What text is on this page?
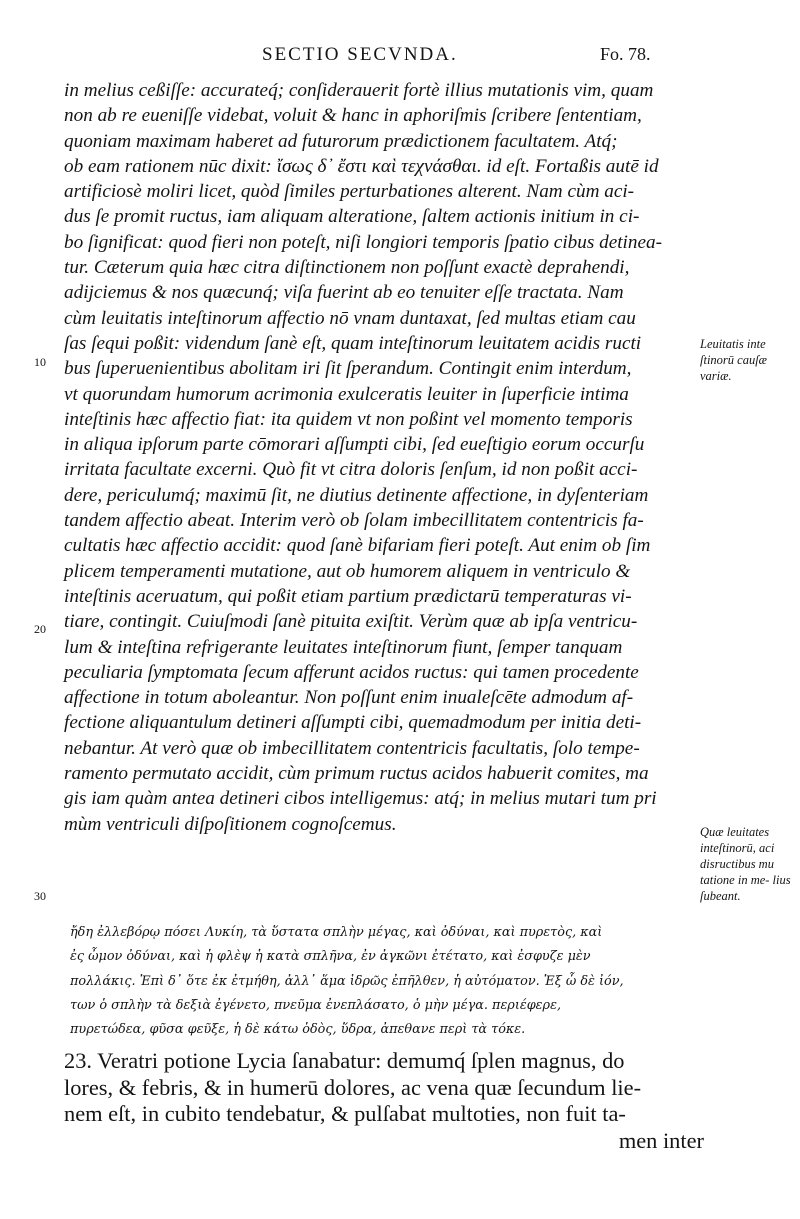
SECTIO SECVNDA.	Fo. 78.
in melius ceßiſſe: accurateq́; conſiderauerit fortè illius mutationis vim, quam
non ab re eueniſſe videbat, voluit & hanc in aphoriſmis ſcribere ſententiam,
quoniam maximam haberet ad futurorum prædictionem facultatem. Atq́;
ob eam rationem nūc dixit: ἴσως δ᾽ ἔστι καὶ τεχνάσθαι. id eſt. Fortaßis autē id
artificiosè moliri licet, quòd ſimiles perturbationes alterent. Nam cùm aci-
dus ſe promit ructus, iam aliquam alteratione, ſaltem actionis initium in ci-
bo ſignificat: quod fieri non poteſt, niſi longiori temporis ſpatio cibus detinea-
tur. Cæterum quia hæc citra diſtinctionem non poſſunt exactè deprahendi,
adijciemus & nos quæcunq́; viſa fuerint ab eo tenuiter eſſe tractata. Nam
cùm leuitatis inteſtinorum affectio nō vnam duntaxat, ſed multas etiam cau
ſas ſequi poßit: videndum ſanè eſt, quam inteſtinorum leuitatem acidis ructi
bus ſuperuenientibus abolitam iri ſit ſperandum. Contingit enim interdum,
vt quorundam humorum acrimonia exulceratis leuiter in ſuperficie intima
inteſtinis hæc affectio fiat: ita quidem vt non poßint vel momento temporis
in aliqua ipſorum parte cōmorari aſſumpti cibi, ſed eueſtigio eorum occurſu
irritata facultate excerni. Quò fit vt citra doloris ſenſum, id non poßit acci-
dere, periculumq́; maximū ſit, ne diutius detinente affectione, in dyſenteriam
tandem affectio abeat. Interim verò ob ſolam imbecillitatem contentricis fa-
cultatis hæc affectio accidit: quod ſanè bifariam fieri poteſt. Aut enim ob ſim
plicem temperamenti mutatione, aut ob humorem aliquem in ventriculo &
inteſtinis aceruatum, qui poßit etiam partium prædictarū temperaturas vi-
tiare, contingit. Cuiuſmodi ſanè pituita exiſtit. Verùm quæ ab ipſa ventricu-
lum & inteſtina refrigerante leuitates inteſtinorum fiunt, ſemper tanquam
peculiaria ſymptomata ſecum afferunt acidos ructus: qui tamen procedente
affectione in totum aboleantur. Non poſſunt enim inualeſcēte admodum af-
fectione aliquantulum detineri aſſumpti cibi, quemadmodum per initia deti-
nebantur. At verò quæ ob imbecillitatem contentricis facultatis, ſolo tempe-
ramento permutato accidit, cùm primum ructus acidos habuerit comites, ma
gis iam quàm antea detineri cibos intelligemus: atq́; in melius mutari tum pri
mùm ventriculi diſpoſitionem cognoſcemus.
10
20
30
Leuitatis inte ſtinorū cauſæ variæ.
Quæ leuitates inteſtinorū, aci disructibus mu tatione in me- lius ſubeant.
ἤδη ἐλλεβόρῳ πόσει Λυκίη, τὰ ὕστατα σπλὴν μέγας, καὶ ὀδύναι, καὶ πυρετὸς, καὶ
ἐς ὦμον ὀδύναι, καὶ ἡ φλὲψ ἡ κατὰ σπλῆνα, ἐν ἀγκῶνι ἐτέτατο, καὶ ἐσφυζε μὲν
πολλάκις. Ἐπὶ δ᾽ ὅτε ἐκ ἐτμήθη, ἀλλ᾽ ἅμα ἱδρῶς ἐπῆλθεν, ἡ αὐτόματον. Ἐξ ὧ δὲ ἰόν,
των ὁ σπλὴν τὰ δεξιὰ ἐγένετο, πνεῦμα ἐνεπλάσατο, ὁ μὴν μέγα. περιέφερε,
πυρετώδεα, φῦσα φεῦξε, ἡ δὲ κάτω ὁδὸς, ὕδρα, ἀπεθανε περὶ τὰ τόκε.
23. Veratri potione Lycia ſanabatur: demumq́ ſplen magnus, do
lores, & febris, & in humerū dolores, ac vena quæ ſecundum lie-
nem eſt, in cubito tendebatur, & pulſabat multoties, non fuit ta-
men inter
